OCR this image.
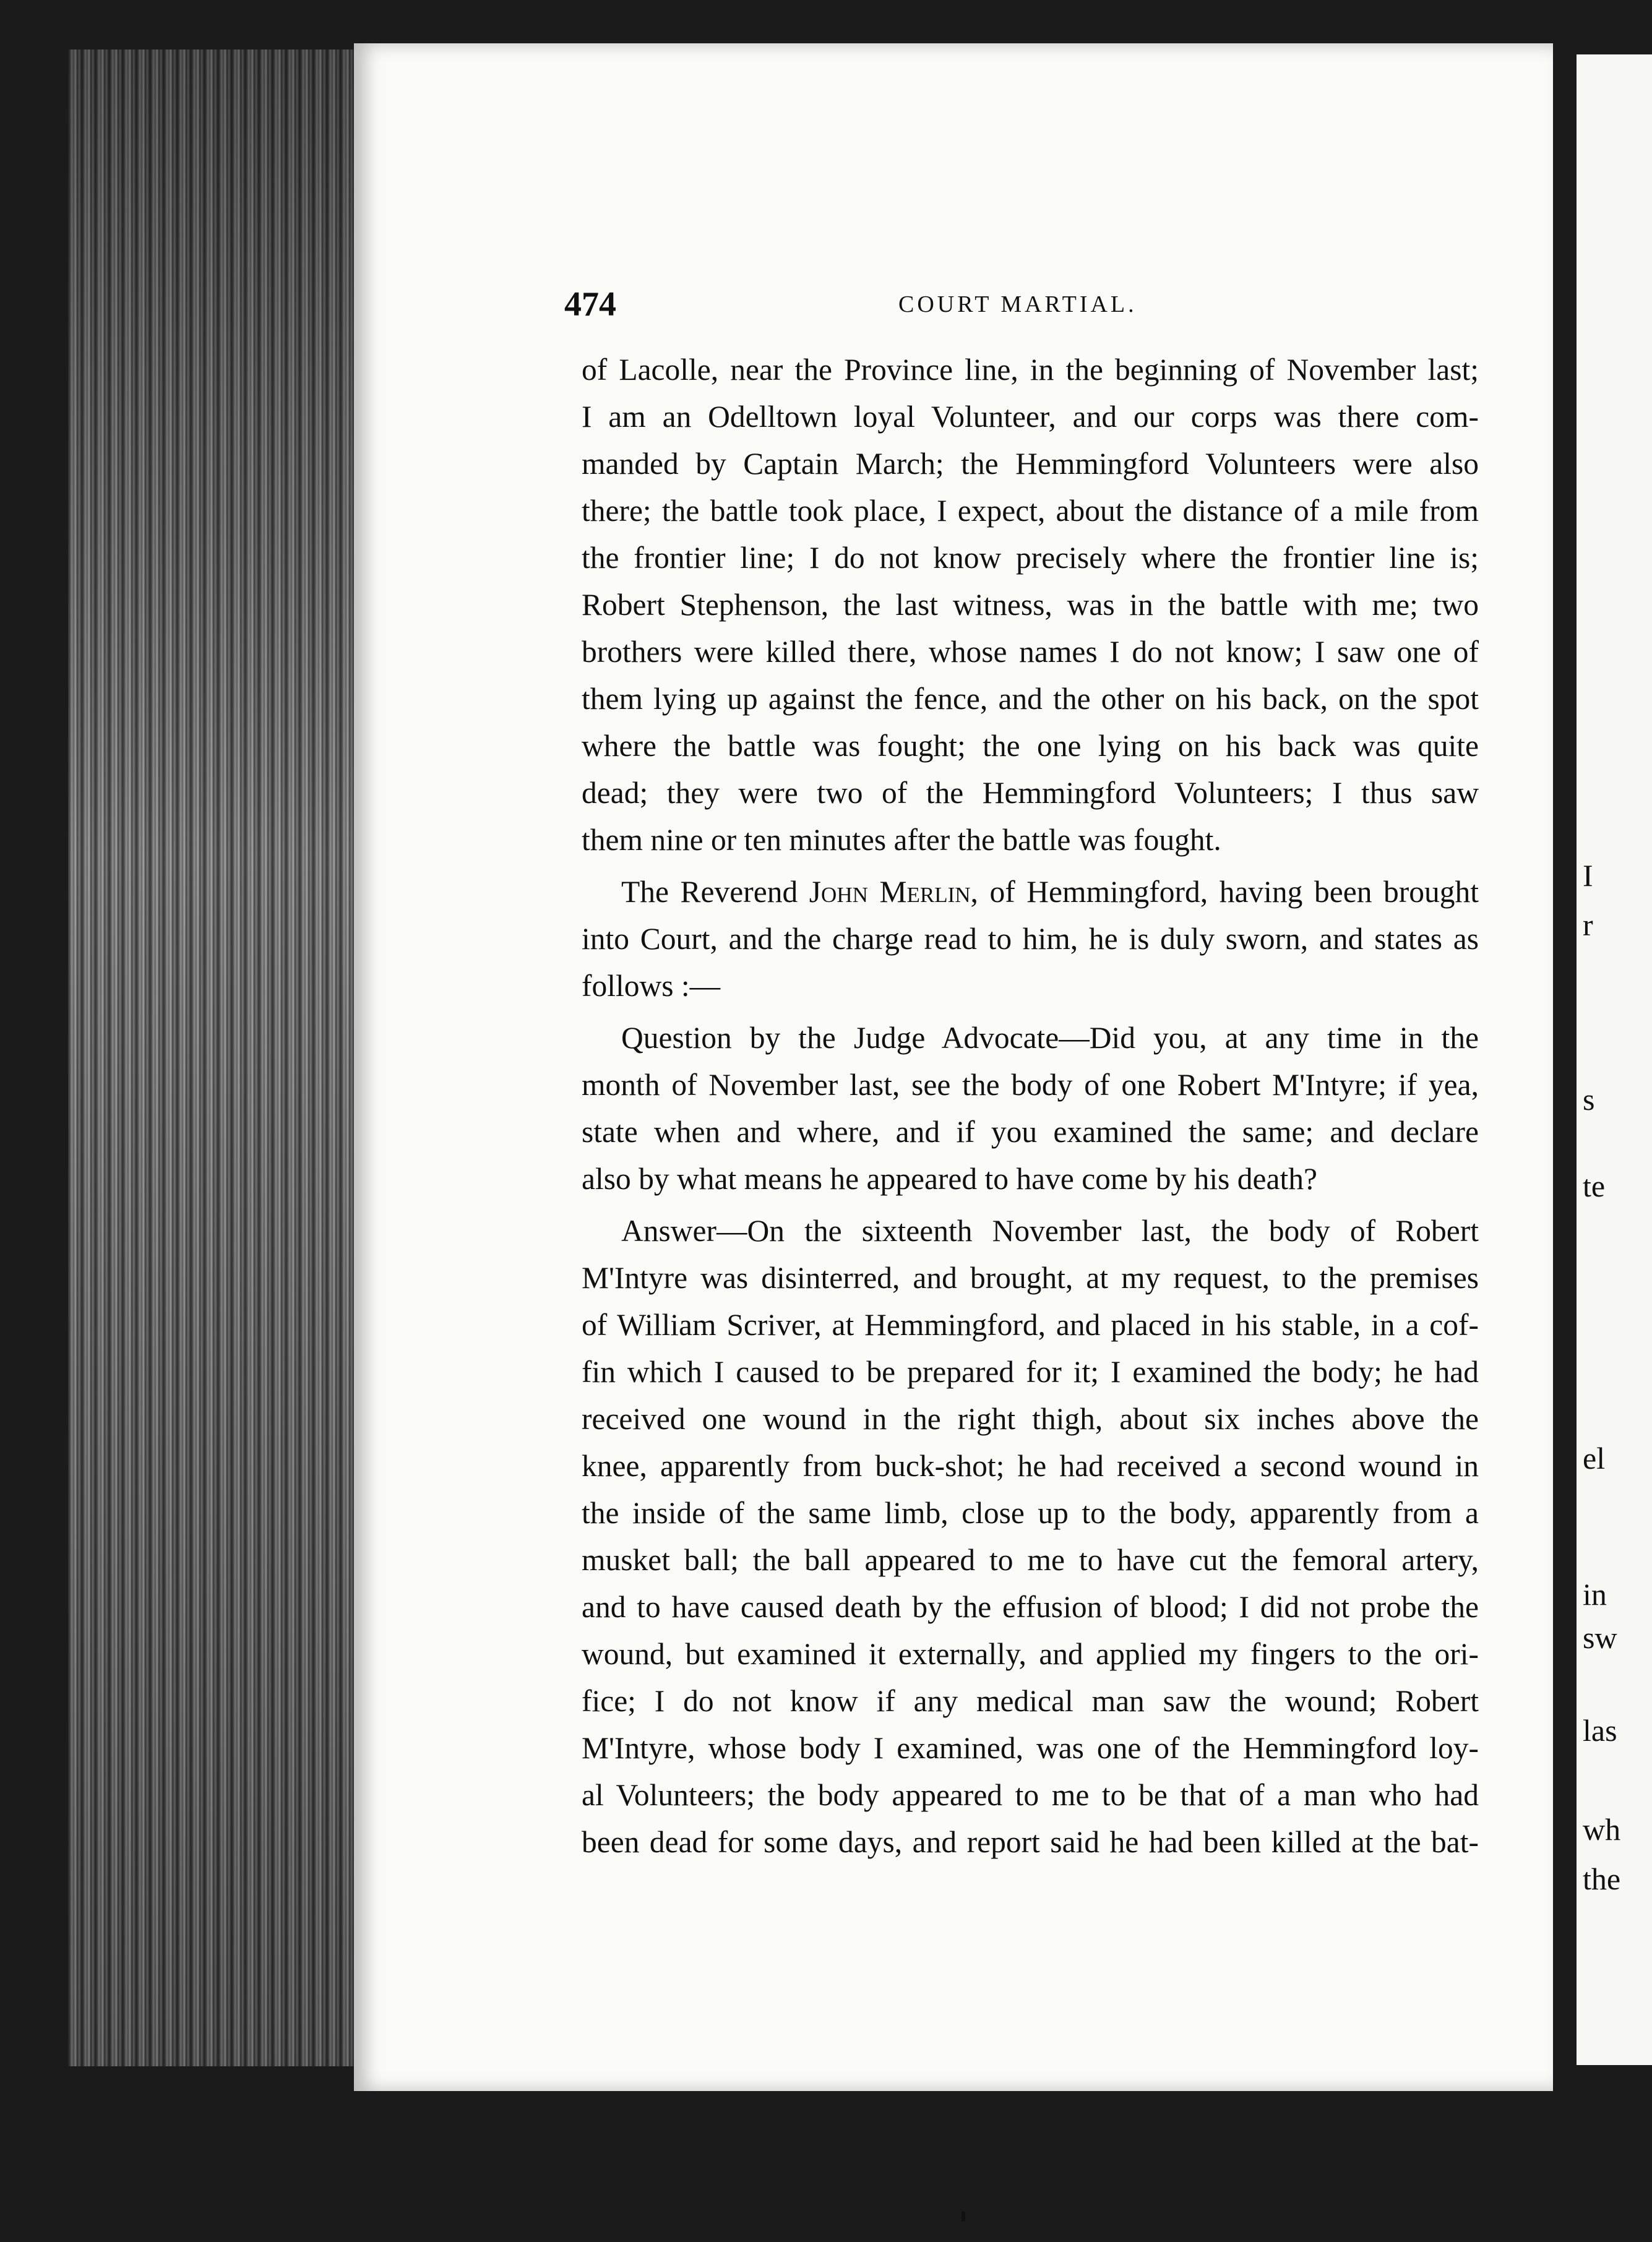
I
r
s
te
el
in
sw
las
wh
the
474	COURT MARTIAL.
of Lacolle, near the Province line, in the beginning of November last;
I am an Odelltown loyal Volunteer, and our corps was there com-
manded by Captain March; the Hemmingford Volunteers were also
there; the battle took place, I expect, about the distance of a mile from
the frontier line; I do not know precisely where the frontier line is;
Robert Stephenson, the last witness, was in the battle with me; two
brothers were killed there, whose names I do not know; I saw one of
them lying up against the fence, and the other on his back, on the spot
where the battle was fought; the one lying on his back was quite
dead; they were two of the Hemmingford Volunteers; I thus saw
them nine or ten minutes after the battle was fought.
The Reverend John Merlin, of Hemmingford, having been brought
into Court, and the charge read to him, he is duly sworn, and states as
follows :—
Question by the Judge Advocate—Did you, at any time in the
month of November last, see the body of one Robert M'Intyre; if yea,
state when and where, and if you examined the same; and declare
also by what means he appeared to have come by his death?
Answer—On the sixteenth November last, the body of Robert
M'Intyre was disinterred, and brought, at my request, to the premises
of William Scriver, at Hemmingford, and placed in his stable, in a cof-
fin which I caused to be prepared for it; I examined the body; he had
received one wound in the right thigh, about six inches above the
knee, apparently from buck-shot; he had received a second wound in
the inside of the same limb, close up to the body, apparently from a
musket ball; the ball appeared to me to have cut the femoral artery,
and to have caused death by the effusion of blood; I did not probe the
wound, but examined it externally, and applied my fingers to the ori-
fice; I do not know if any medical man saw the wound; Robert
M'Intyre, whose body I examined, was one of the Hemmingford loy-
al Volunteers; the body appeared to me to be that of a man who had
been dead for some days, and report said he had been killed at the bat-
